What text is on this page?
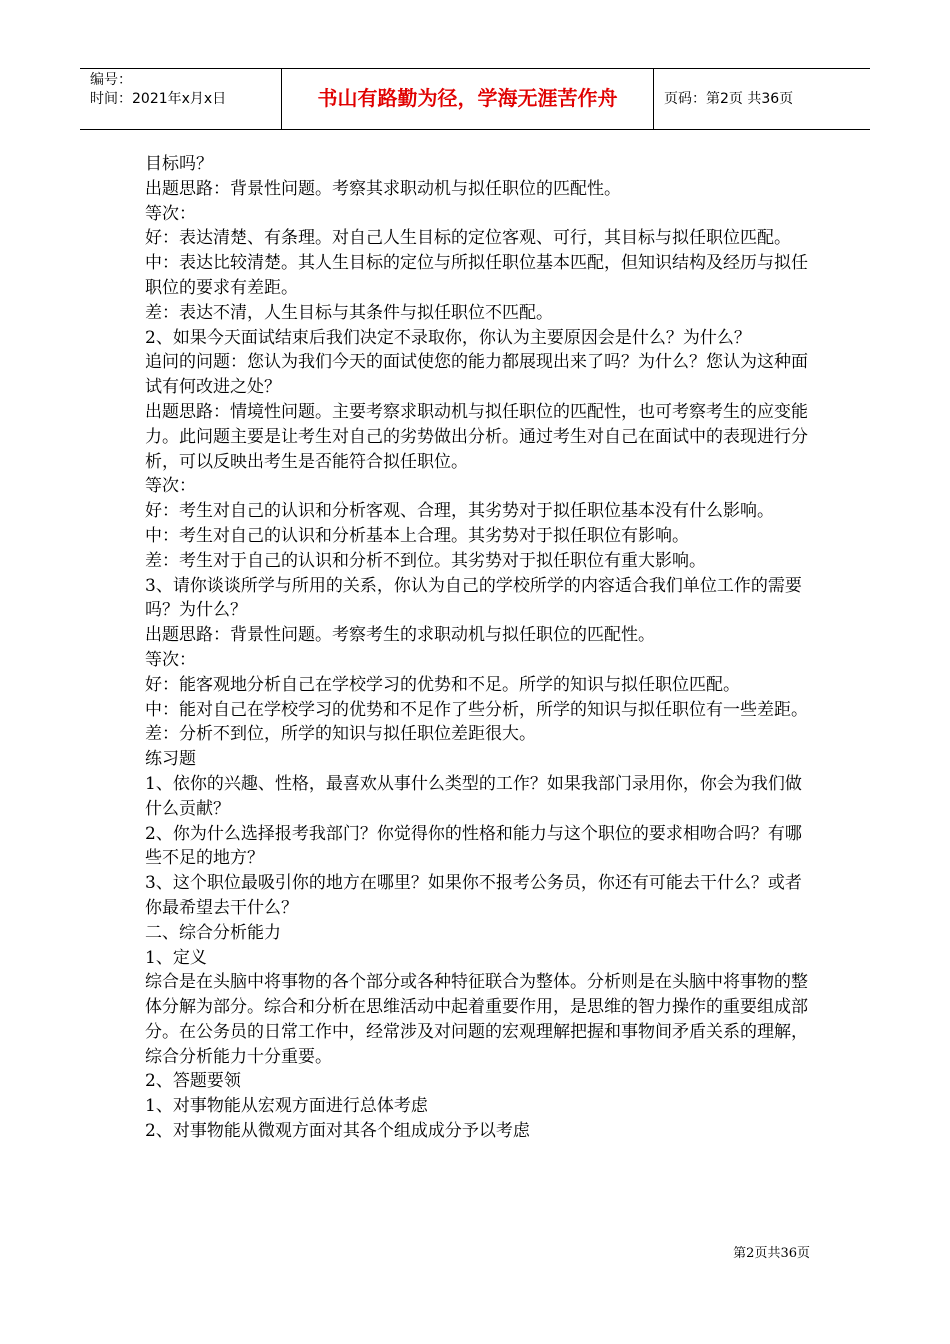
编号：
时间：2021年x月x日	书山有路勤为径，学海无涯苦作舟	页码：第2页 共36页

目标吗？

出题思路：背景性问题。考察其求职动机与拟任职位的匹配性。

等次：

好：表达清楚、有条理。对自己人生目标的定位客观、可行，其目标与拟任职位匹配。

中：表达比较清楚。其人生目标的定位与所拟任职位基本匹配，但知识结构及经历与拟任职位的要求有差距。

差：表达不清，人生目标与其条件与拟任职位不匹配。

2、如果今天面试结束后我们决定不录取你，你认为主要原因会是什么？为什么？

追问的问题：您认为我们今天的面试使您的能力都展现出来了吗？为什么？您认为这种面试有何改进之处？

出题思路：情境性问题。主要考察求职动机与拟任职位的匹配性，也可考察考生的应变能力。此问题主要是让考生对自己的劣势做出分析。通过考生对自己在面试中的表现进行分析，可以反映出考生是否能符合拟任职位。

等次：

好：考生对自己的认识和分析客观、合理，其劣势对于拟任职位基本没有什么影响。

中：考生对自己的认识和分析基本上合理。其劣势对于拟任职位有影响。

差：考生对于自己的认识和分析不到位。其劣势对于拟任职位有重大影响。

3、请你谈谈所学与所用的关系，你认为自己的学校所学的内容适合我们单位工作的需要吗？为什么？

出题思路：背景性问题。考察考生的求职动机与拟任职位的匹配性。

等次：

好：能客观地分析自己在学校学习的优势和不足。所学的知识与拟任职位匹配。

中：能对自己在学校学习的优势和不足作了些分析，所学的知识与拟任职位有一些差距。

差：分析不到位，所学的知识与拟任职位差距很大。

练习题

1、依你的兴趣、性格，最喜欢从事什么类型的工作？如果我部门录用你，你会为我们做什么贡献？

2、你为什么选择报考我部门？你觉得你的性格和能力与这个职位的要求相吻合吗？有哪些不足的地方？

3、这个职位最吸引你的地方在哪里？如果你不报考公务员，你还有可能去干什么？或者你最希望去干什么？

二、综合分析能力

1、定义

综合是在头脑中将事物的各个部分或各种特征联合为整体。分析则是在头脑中将事物的整体分解为部分。综合和分析在思维活动中起着重要作用，是思维的智力操作的重要组成部分。在公务员的日常工作中，经常涉及对问题的宏观理解把握和事物间矛盾关系的理解，综合分析能力十分重要。

2、答题要领

1、对事物能从宏观方面进行总体考虑

2、对事物能从微观方面对其各个组成成分予以考虑

第2页共36页
